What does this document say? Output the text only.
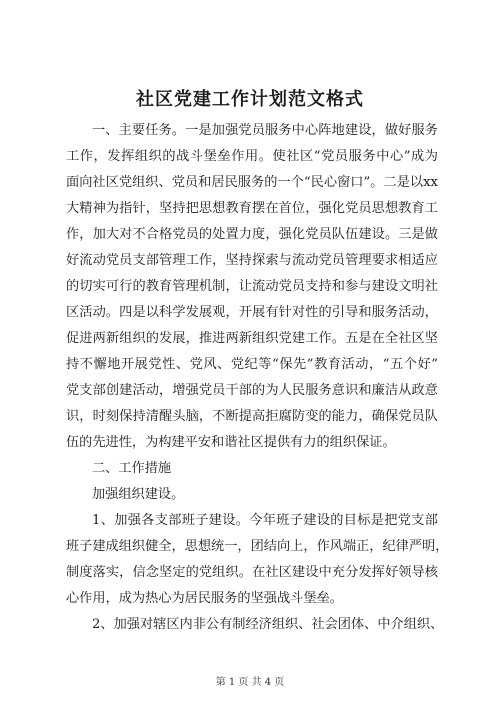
社区党建工作计划范文格式
一、主要任务。一是加强党员服务中心阵地建设，做好服务
工作，发挥组织的战斗堡垒作用。使社区“党员服务中心”成为
面向社区党组织、党员和居民服务的一个“民心窗口”。二是以xx
大精神为指针，坚持把思想教育摆在首位，强化党员思想教育工
作，加大对不合格党员的处置力度，强化党员队伍建设。三是做
好流动党员支部管理工作，坚持探索与流动党员管理要求相适应
的切实可行的教育管理机制，让流动党员支持和参与建设文明社
区活动。四是以科学发展观，开展有针对性的引导和服务活动，
促进两新组织的发展，推进两新组织党建工作。五是在全社区坚
持不懈地开展党性、党风、党纪等“保先”教育活动，“五个好”
党支部创建活动，增强党员干部的为人民服务意识和廉洁从政意
识，时刻保持清醒头脑，不断提高拒腐防变的能力，确保党员队
伍的先进性，为构建平安和谐社区提供有力的组织保证。
二、工作措施
加强组织建设。
1、加强各支部班子建设。今年班子建设的目标是把党支部
班子建成组织健全，思想统一，团结向上，作风端正，纪律严明，
制度落实，信念坚定的党组织。在社区建设中充分发挥好领导核
心作用，成为热心为居民服务的坚强战斗堡垒。
2、加强对辖区内非公有制经济组织、社会团体、中介组织、
第 1 页 共 4 页
